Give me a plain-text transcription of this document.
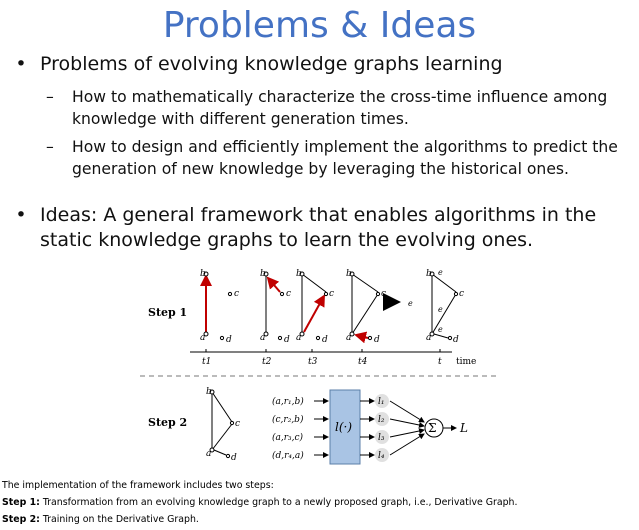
Problems & Ideas
• Problems of evolving knowledge graphs learning
– How to mathematically characterize the cross-time influence among knowledge with different generation times.
– How to design and efficiently implement the algorithms to predict the generation of new knowledge by leveraging the historical ones.
• Ideas: A general framework that enables algorithms in the static knowledge graphs to learn the evolving ones.
Step 1
Step 2
b
a
c
d
b
a
c
d
b
a
c
d
b
a
c
d
b
a
c
d
e
e
e
e
t1	t2	t3	t4	t time
b
a
c
d
(a,r₁,b)
(c,r₂,b)
(a,r₃,c)
(d,r₄,a)
l(·)
l₁
l₂
l₃
l₄
Σ L
The implementation of the framework includes two steps:
Step 1: Transformation from an evolving knowledge graph to a newly proposed graph, i.e., Derivative Graph.
Step 2: Training on the Derivative Graph.
